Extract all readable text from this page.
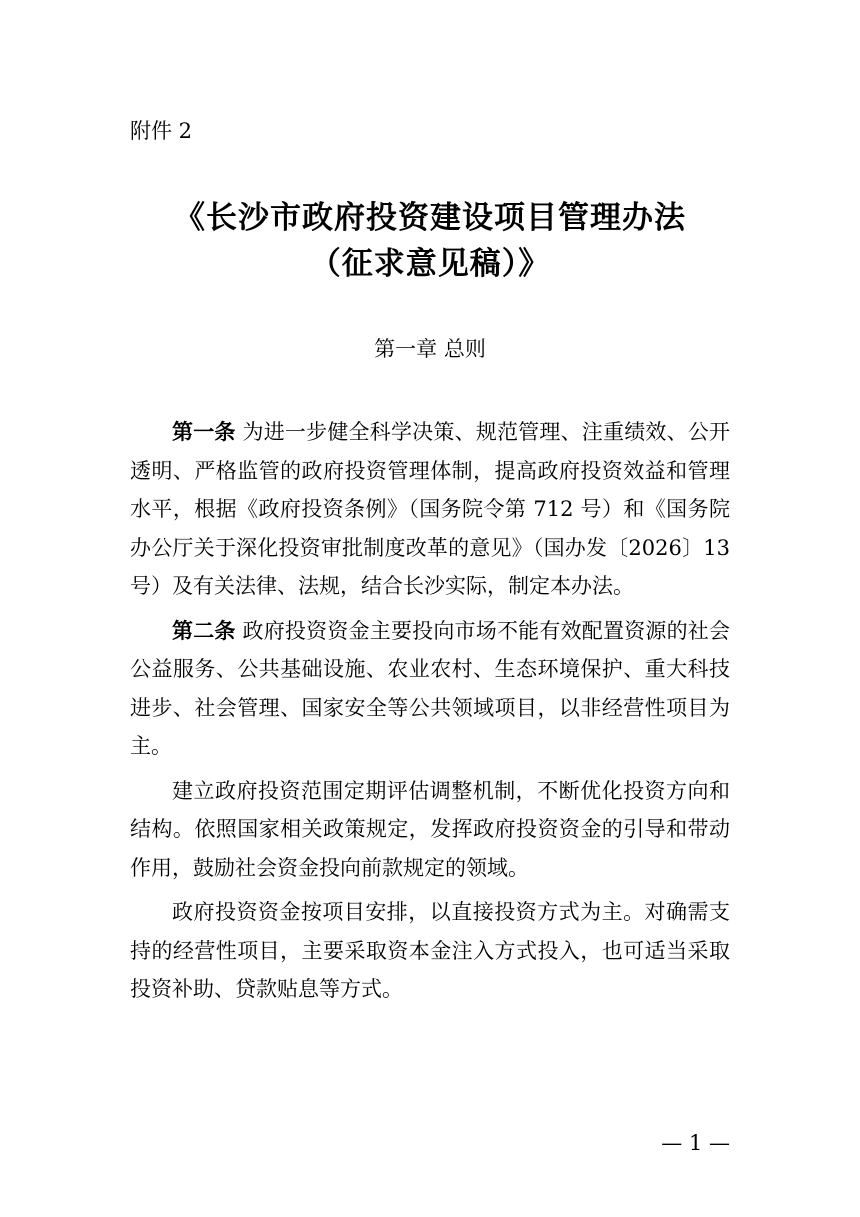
附件 2
《长沙市政府投资建设项目管理办法
（征求意见稿）》
第一章 总则

第一条 为进一步健全科学决策、规范管理、注重绩效、公开透明、严格监管的政府投资管理体制，提高政府投资效益和管理水平，根据《政府投资条例》（国务院令第 712 号）和《国务院办公厅关于深化投资审批制度改革的意见》（国办发〔2026〕13 号）及有关法律、法规，结合长沙实际，制定本办法。

第二条 政府投资资金主要投向市场不能有效配置资源的社会公益服务、公共基础设施、农业农村、生态环境保护、重大科技进步、社会管理、国家安全等公共领域项目，以非经营性项目为主。

建立政府投资范围定期评估调整机制，不断优化投资方向和结构。依照国家相关政策规定，发挥政府投资资金的引导和带动作用，鼓励社会资金投向前款规定的领域。

政府投资资金按项目安排，以直接投资方式为主。对确需支持的经营性项目，主要采取资本金注入方式投入，也可适当采取投资补助、贷款贴息等方式。

— 1 —
